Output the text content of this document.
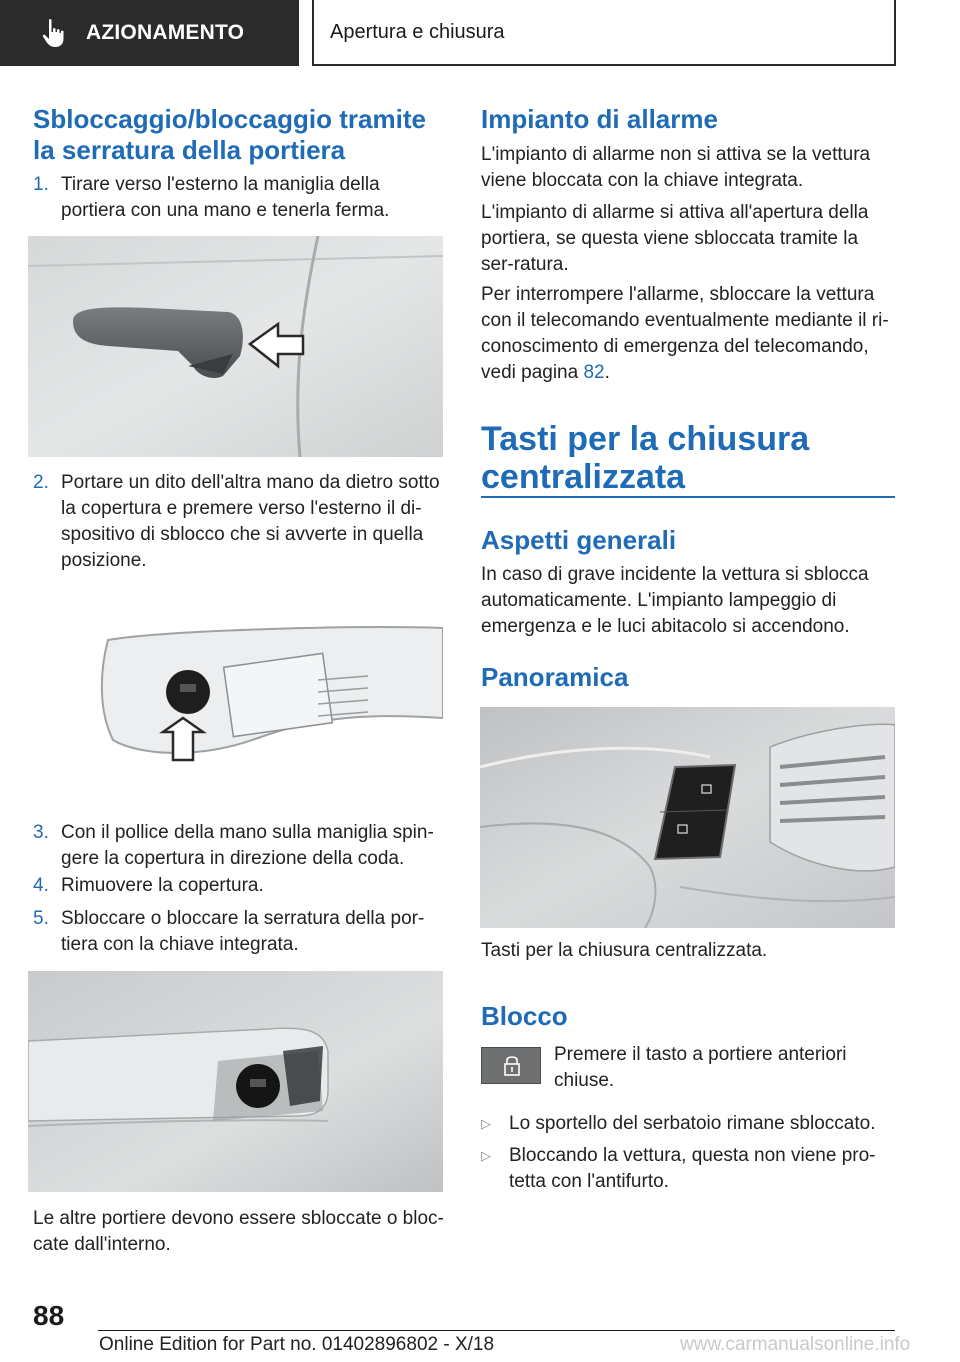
AZIONAMENTO	Apertura e chiusura
Sbloccaggio/bloccaggio tramite la serratura della portiera
1. Tirare verso l'esterno la maniglia della portiera con una mano e tenerla ferma.
2. Portare un dito dell'altra mano da dietro sotto la copertura e premere verso l'esterno il di-spositivo di sblocco che si avverte in quella posizione.
3. Con il pollice della mano sulla maniglia spin-gere la copertura in direzione della coda.
4. Rimuovere la copertura.
5. Sbloccare o bloccare la serratura della por-tiera con la chiave integrata.
Le altre portiere devono essere sbloccate o bloc-cate dall'interno.
Impianto di allarme
L'impianto di allarme non si attiva se la vettura viene bloccata con la chiave integrata.
L'impianto di allarme si attiva all'apertura della portiera, se questa viene sbloccata tramite la ser-ratura.
Per interrompere l'allarme, sbloccare la vettura con il telecomando eventualmente mediante il ri-conoscimento di emergenza del telecomando, vedi pagina 82.
Tasti per la chiusura centralizzata
Aspetti generali
In caso di grave incidente la vettura si sblocca automaticamente. L'impianto lampeggio di emergenza e le luci abitacolo si accendono.
Panoramica
Tasti per la chiusura centralizzata.
Blocco
Premere il tasto a portiere anteriori chiuse.
▷ Lo sportello del serbatoio rimane sbloccato.
▷ Bloccando la vettura, questa non viene pro-tetta con l'antifurto.
88
Online Edition for Part no. 01402896802 - X/18	www.carmanualsonline.info
